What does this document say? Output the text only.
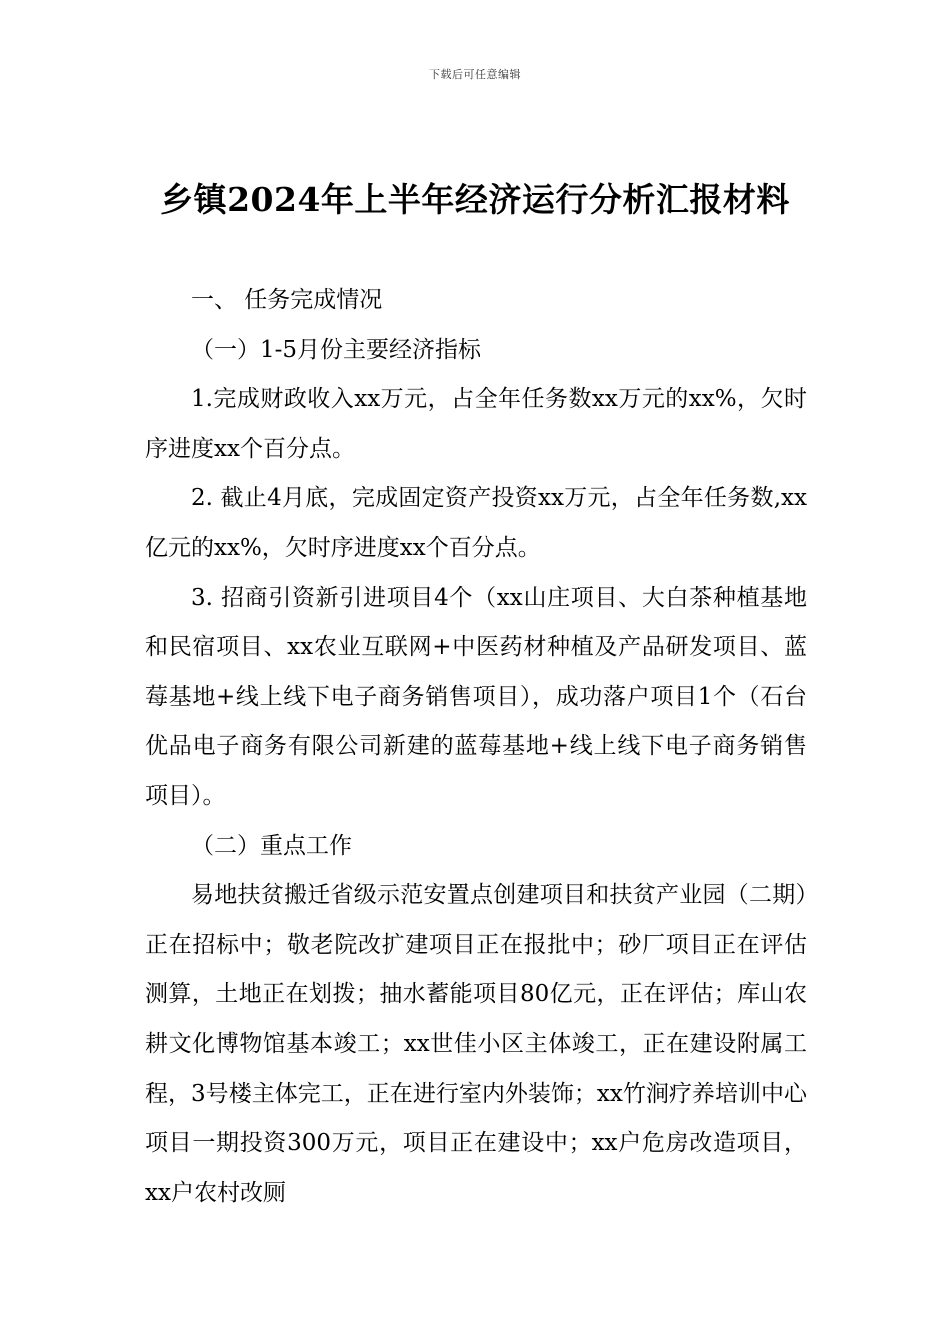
下载后可任意编辑
乡镇2024年上半年经济运行分析汇报材料

一、 任务完成情况

（一）1-5月份主要经济指标

1.完成财政收入xx万元，占全年任务数xx万元的xx%，欠时序进度xx个百分点。

2. 截止4月底，完成固定资产投资xx万元，占全年任务数,xx亿元的xx%，欠时序进度xx个百分点。

3. 招商引资新引进项目4个（xx山庄项目、大白茶种植基地和民宿项目、xx农业互联网+中医药材种植及产品研发项目、蓝莓基地+线上线下电子商务销售项目），成功落户项目1个（石台优品电子商务有限公司新建的蓝莓基地+线上线下电子商务销售项目）。

（二）重点工作

易地扶贫搬迁省级示范安置点创建项目和扶贫产业园（二期）正在招标中；敬老院改扩建项目正在报批中；砂厂项目正在评估测算，土地正在划拨；抽水蓄能项目80亿元，正在评估；库山农耕文化博物馆基本竣工；xx世佳小区主体竣工，正在建设附属工程，3号楼主体完工，正在进行室内外装饰；xx竹涧疗养培训中心项目一期投资300万元，项目正在建设中；xx户危房改造项目，xx户农村改厕
